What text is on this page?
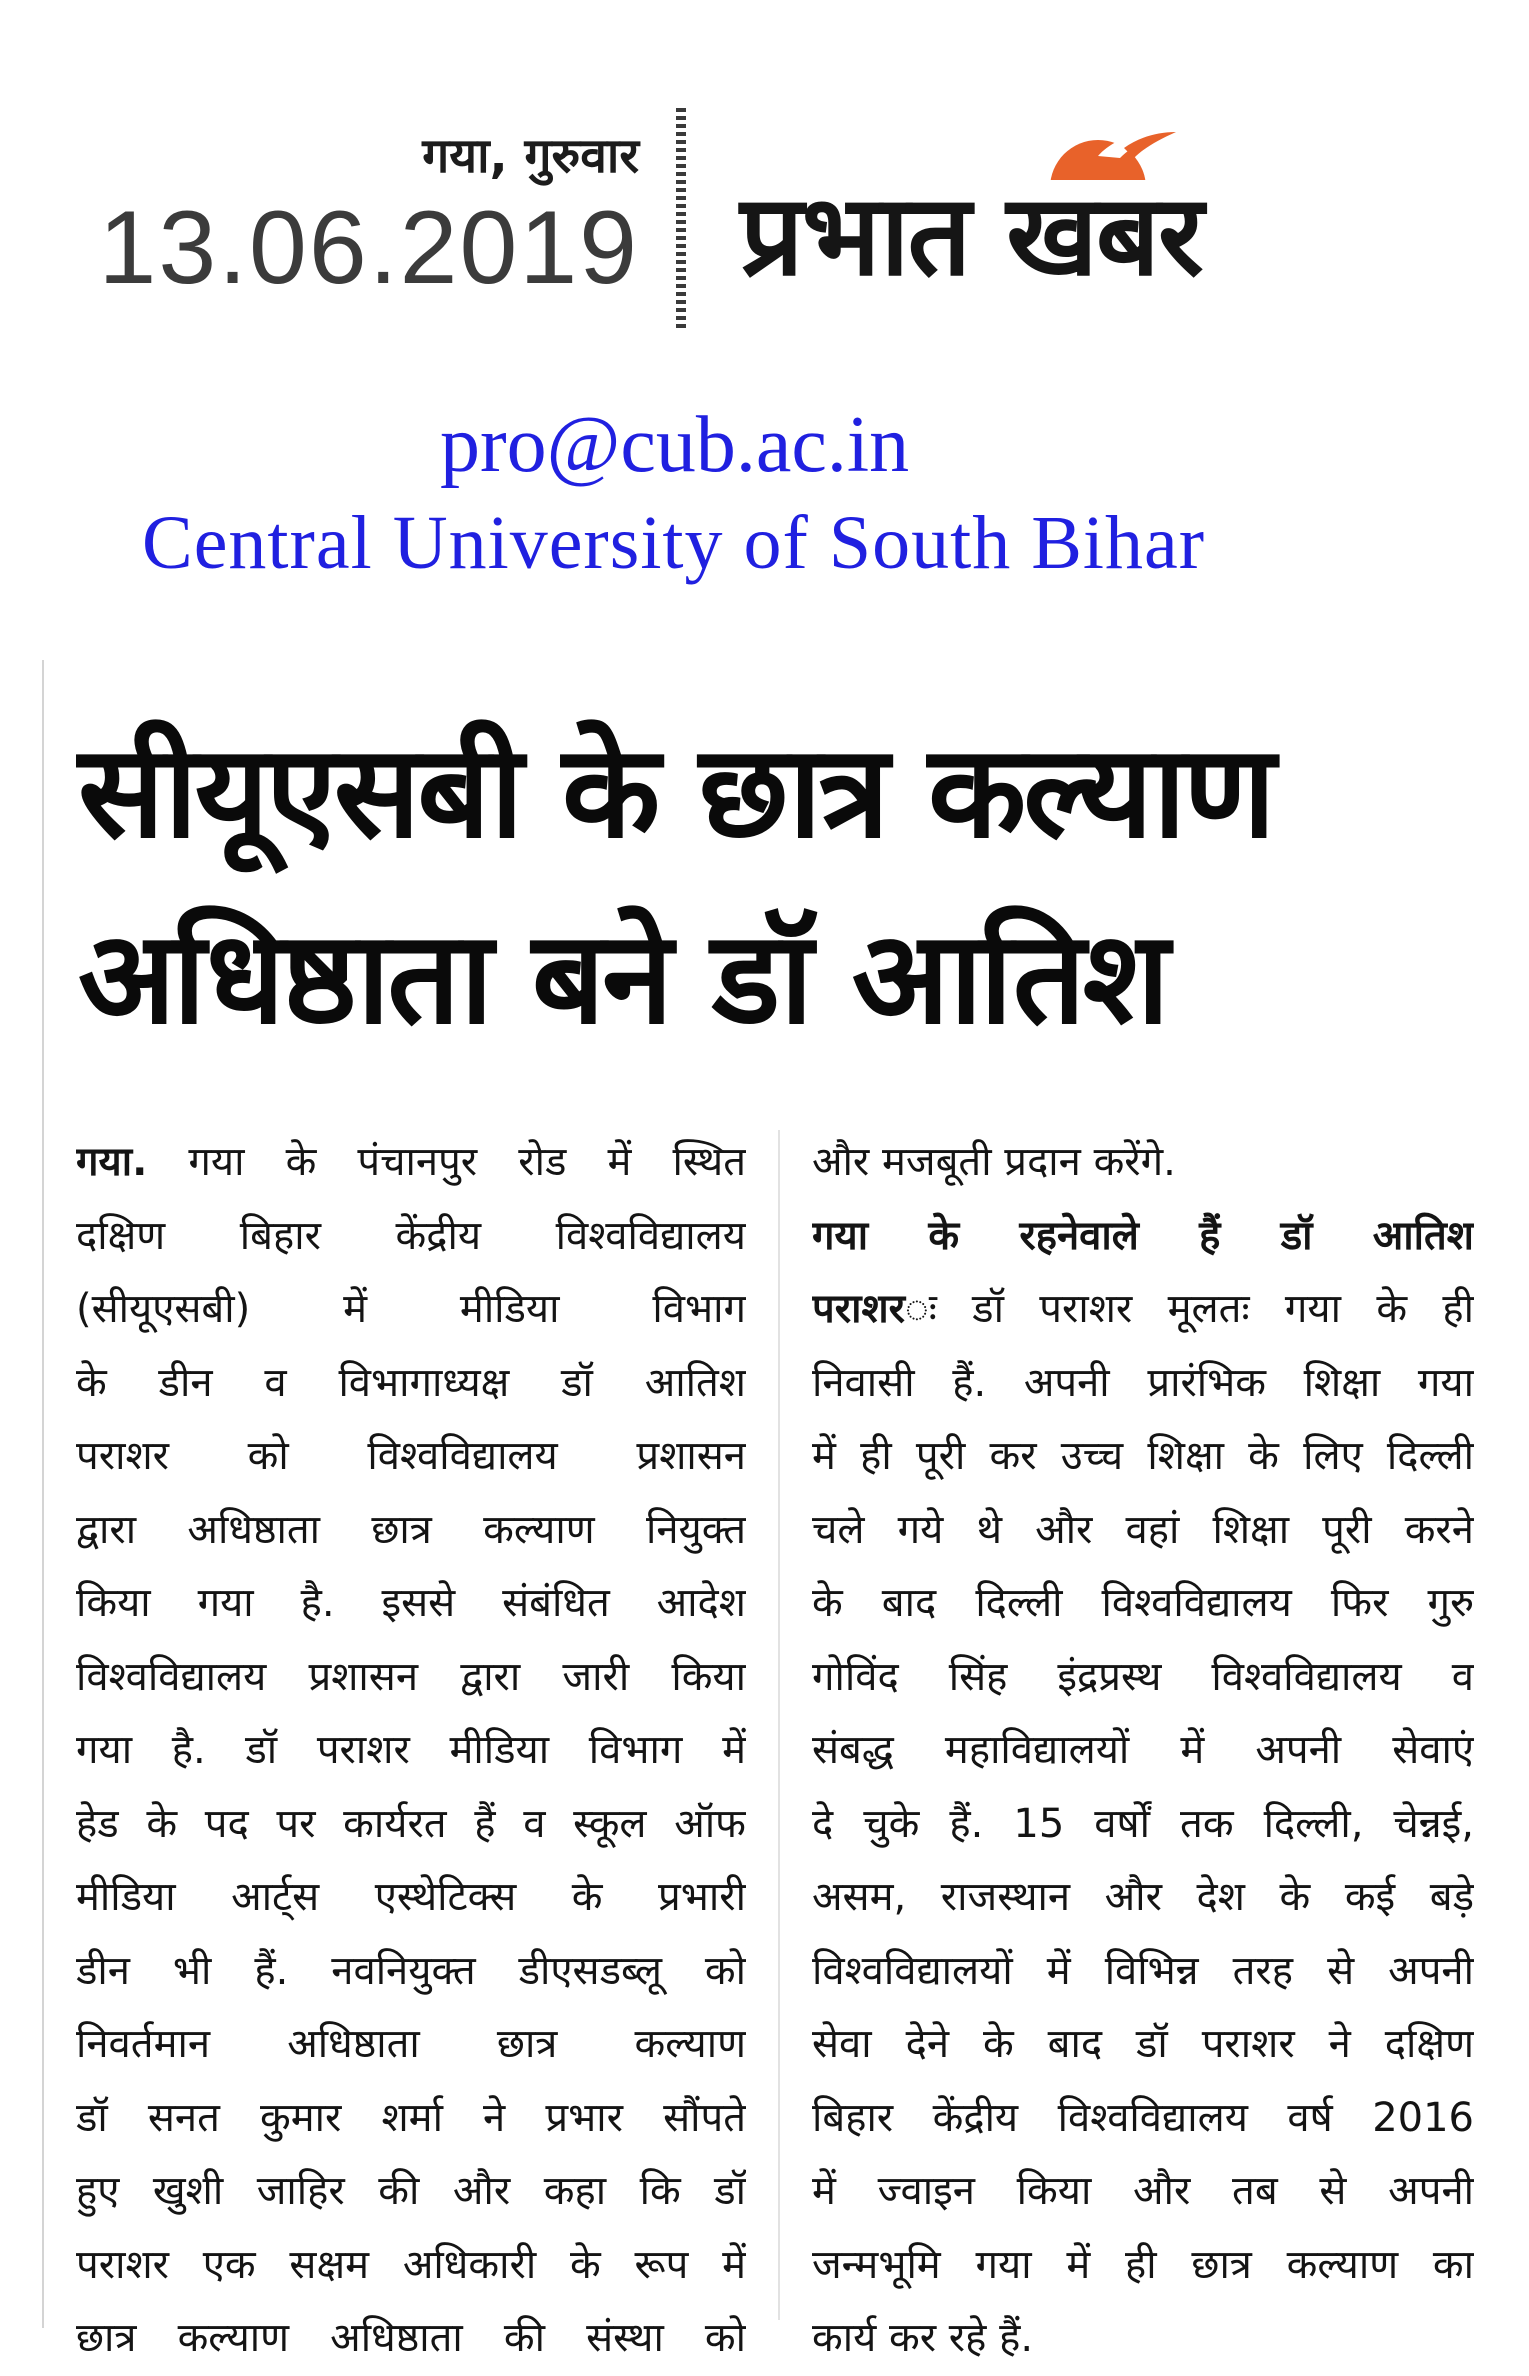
गया, गुरुवार
13.06.2019 प्रभात खबर
pro@cub.ac.in
Central University of South Bihar
सीयूएसबी के छात्र कल्याण
अधिष्ठाता बने डॉ आतिश
गया. गया के पंचानपुर रोड में स्थित
दक्षिण बिहार केंद्रीय विश्वविद्यालय
(सीयूएसबी) में मीडिया विभाग
के डीन व विभागाध्यक्ष डॉ आतिश
पराशर को विश्वविद्यालय प्रशासन
द्वारा अधिष्ठाता छात्र कल्याण नियुक्त
किया गया है. इससे संबंधित आदेश
विश्वविद्यालय प्रशासन द्वारा जारी किया
गया है. डॉ पराशर मीडिया विभाग में
हेड के पद पर कार्यरत हैं व स्कूल ऑफ
मीडिया आर्ट्स एस्थेटिक्स के प्रभारी
डीन भी हैं. नवनियुक्त डीएसडब्लू को
निवर्तमान अधिष्ठाता छात्र कल्याण
डॉ सनत कुमार शर्मा ने प्रभार सौंपते
हुए खुशी जाहिर की और कहा कि डॉ
पराशर एक सक्षम अधिकारी के रूप में
छात्र कल्याण अधिष्ठाता की संस्था को
और मजबूती प्रदान करेंगे.
गया के रहनेवाले हैं डॉ आतिश
पराशरः डॉ पराशर मूलतः गया के ही
निवासी हैं. अपनी प्रारंभिक शिक्षा गया
में ही पूरी कर उच्च शिक्षा के लिए दिल्ली
चले गये थे और वहां शिक्षा पूरी करने
के बाद दिल्ली विश्वविद्यालय फिर गुरु
गोविंद सिंह इंद्रप्रस्थ विश्वविद्यालय व
संबद्ध महाविद्यालयों में अपनी सेवाएं
दे चुके हैं. 15 वर्षों तक दिल्ली, चेन्नई,
असम, राजस्थान और देश के कई बड़े
विश्वविद्यालयों में विभिन्न तरह से अपनी
सेवा देने के बाद डॉ पराशर ने दक्षिण
बिहार केंद्रीय विश्वविद्यालय वर्ष 2016
में ज्वाइन किया और तब से अपनी
जन्मभूमि गया में ही छात्र कल्याण का
कार्य कर रहे हैं.
